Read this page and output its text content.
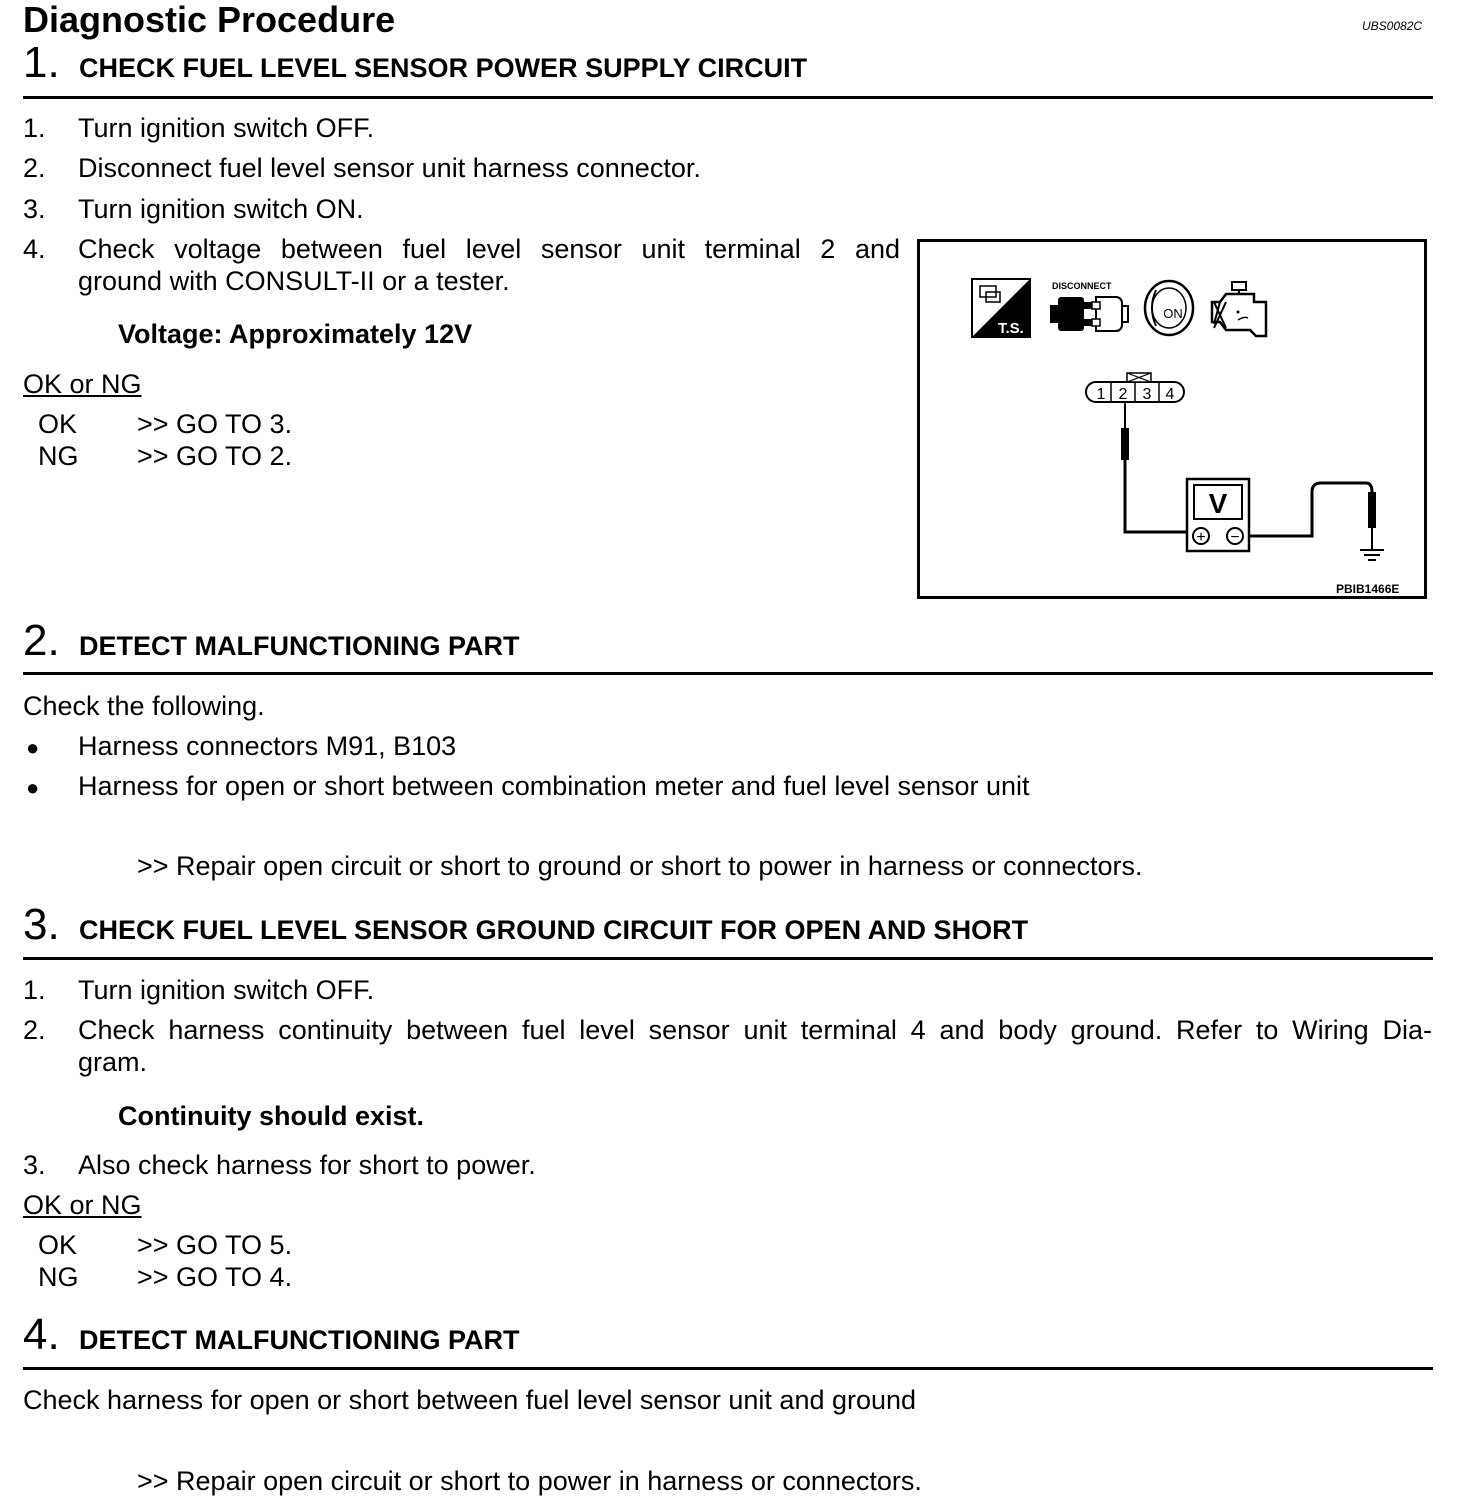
Diagnostic Procedure	UBS0082C
1. CHECK FUEL LEVEL SENSOR POWER SUPPLY CIRCUIT
1. Turn ignition switch OFF.
2. Disconnect fuel level sensor unit harness connector.
3. Turn ignition switch ON.
4. Check voltage between fuel level sensor unit terminal 2 and
ground with CONSULT-II or a tester.
Voltage: Approximately 12V
OK or NG
OK >> GO TO 3.
NG >> GO TO 2.
T.S.
DISCONNECT
ON
1 2 3 4
V
+ −
PBIB1466E
2. DETECT MALFUNCTIONING PART
Check the following.
● Harness connectors M91, B103
● Harness for open or short between combination meter and fuel level sensor unit
>> Repair open circuit or short to ground or short to power in harness or connectors.
3. CHECK FUEL LEVEL SENSOR GROUND CIRCUIT FOR OPEN AND SHORT
1. Turn ignition switch OFF.
2. Check harness continuity between fuel level sensor unit terminal 4 and body ground. Refer to Wiring Dia-
gram.
Continuity should exist.
3. Also check harness for short to power.
OK or NG
OK >> GO TO 5.
NG >> GO TO 4.
4. DETECT MALFUNCTIONING PART
Check harness for open or short between fuel level sensor unit and ground
>> Repair open circuit or short to power in harness or connectors.
